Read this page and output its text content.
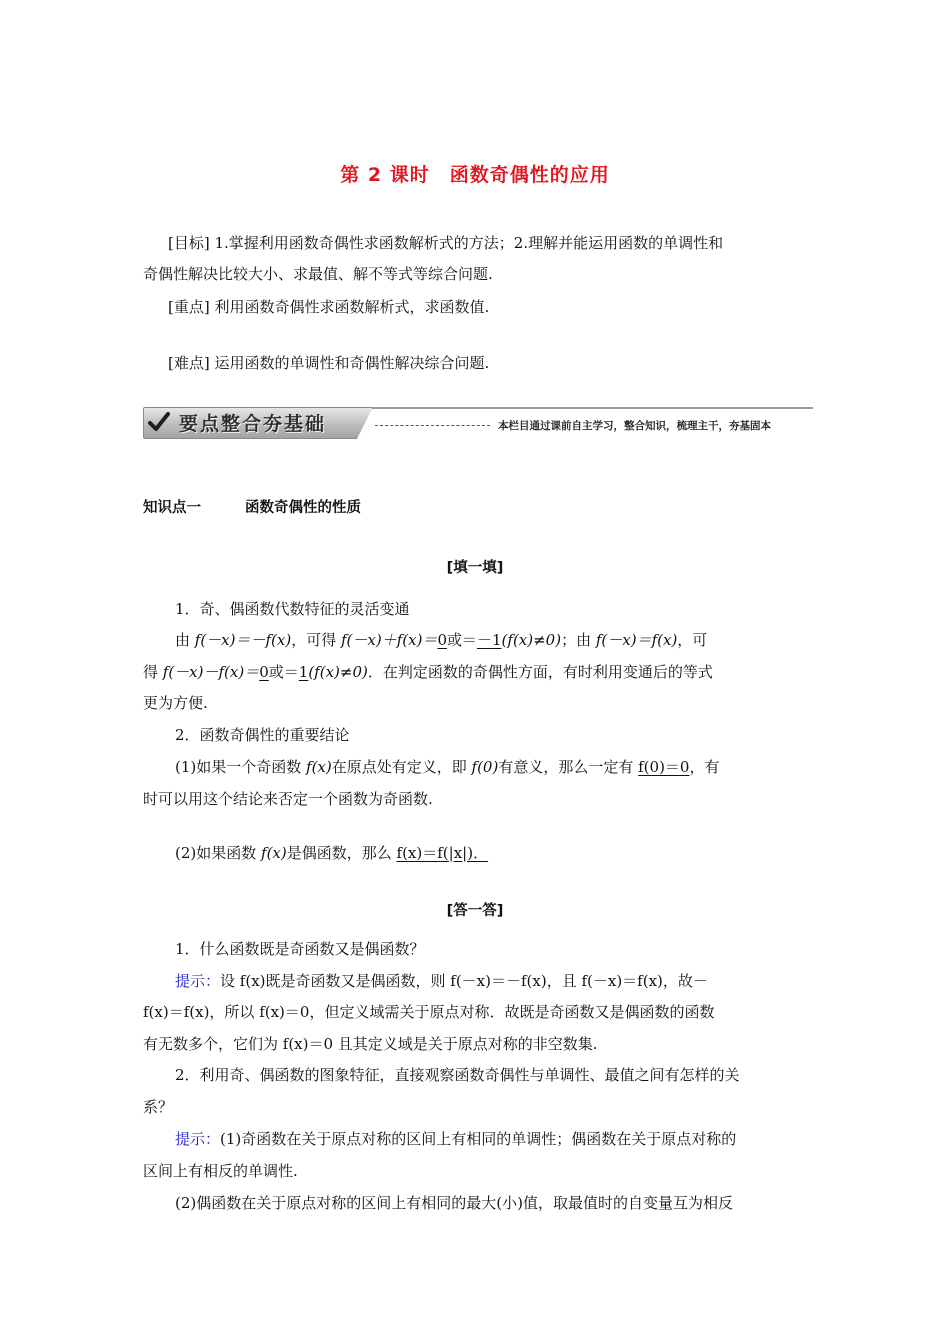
第 2 课时　函数奇偶性的应用
[目标] 1.掌握利用函数奇偶性求函数解析式的方法；2.理解并能运用函数的单调性和
奇偶性解决比较大小、求最值、解不等式等综合问题.
[重点] 利用函数奇偶性求函数解析式，求函数值.
[难点] 运用函数的单调性和奇偶性解决综合问题.
要点整合夯基础	本栏目通过课前自主学习，整合知识，梳理主干，夯基固本
知识点一	函数奇偶性的性质
[填一填]
1．奇、偶函数代数特征的灵活变通
由 f(－x)＝－f(x)，可得 f(－x)＋f(x)＝0或＝－1(f(x)≠0)；由 f(－x)＝f(x)，可
得 f(－x)－f(x)＝0或＝1(f(x)≠0)．在判定函数的奇偶性方面，有时利用变通后的等式
更为方便.
2．函数奇偶性的重要结论
(1)如果一个奇函数 f(x)在原点处有定义，即 f(0)有意义，那么一定有 f(0)＝0，有
时可以用这个结论来否定一个函数为奇函数.
(2)如果函数 f(x)是偶函数，那么 f(x)＝f(|x|)．
[答一答]
1．什么函数既是奇函数又是偶函数？
提示：设 f(x)既是奇函数又是偶函数，则 f(－x)＝－f(x)，且 f(－x)＝f(x)，故－
f(x)＝f(x)，所以 f(x)＝0，但定义域需关于原点对称．故既是奇函数又是偶函数的函数
有无数多个，它们为 f(x)＝0 且其定义域是关于原点对称的非空数集.
2．利用奇、偶函数的图象特征，直接观察函数奇偶性与单调性、最值之间有怎样的关
系？
提示：(1)奇函数在关于原点对称的区间上有相同的单调性；偶函数在关于原点对称的
区间上有相反的单调性.
(2)偶函数在关于原点对称的区间上有相同的最大(小)值，取最值时的自变量互为相反
